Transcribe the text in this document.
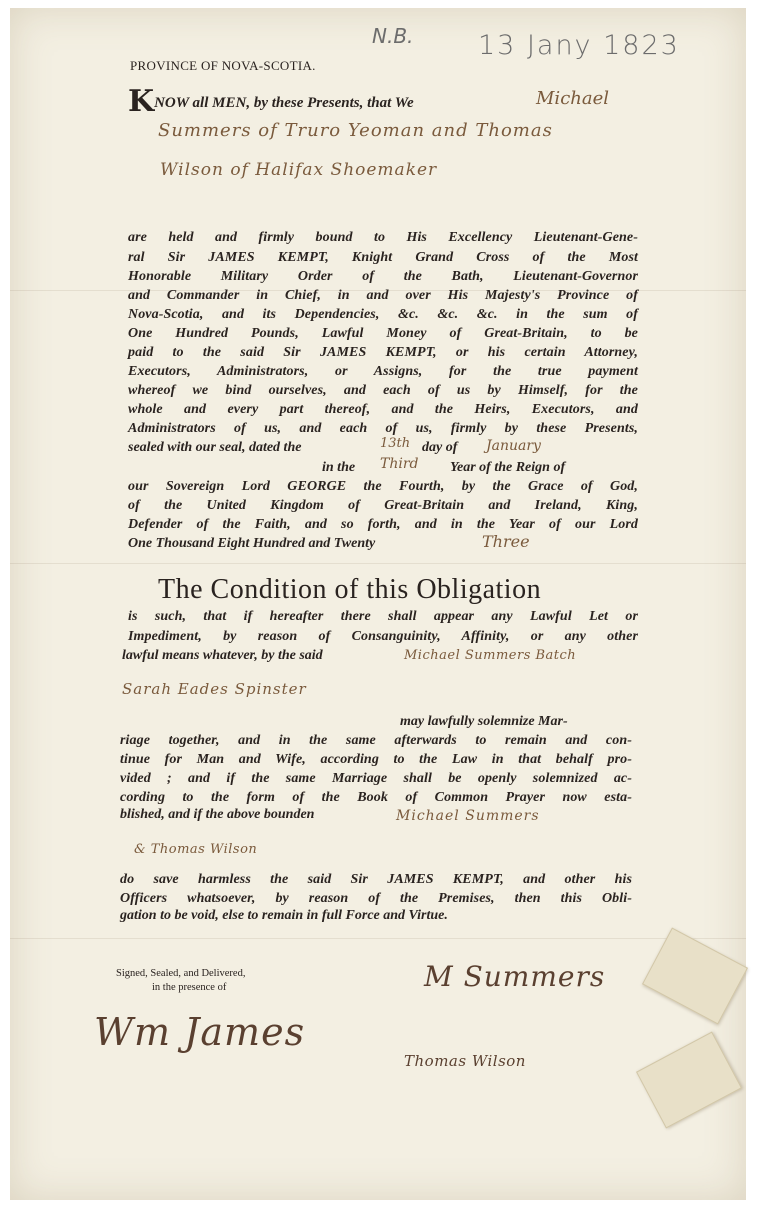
N.B. 13 Jany 1823
PROVINCE OF NOVA-SCOTIA.
KNOW all MEN, by these Presents, that We	Michael
Summers of Truro Yeoman and Thomas
Wilson of Halifax Shoemaker
are held and firmly bound to His Excellency Lieutenant-Gene-
ral Sir JAMES KEMPT, Knight Grand Cross of the Most
Honorable Military Order of the Bath, Lieutenant-Governor
and Commander in Chief, in and over His Majesty's Province of
Nova-Scotia, and its Dependencies, &c. &c. &c. in the sum of
One Hundred Pounds, Lawful Money of Great-Britain, to be
paid to the said Sir JAMES KEMPT, or his certain Attorney,
Executors, Administrators, or Assigns, for the true payment
whereof we bind ourselves, and each of us by Himself, for the
whole and every part thereof, and the Heirs, Executors, and
Administrators of us, and each of us, firmly by these Presents,
sealed with our seal, dated the	13th day of January
in the Third Year of the Reign of
our Sovereign Lord GEORGE the Fourth, by the Grace of God,
of the United Kingdom of Great-Britain and Ireland, King,
Defender of the Faith, and so forth, and in the Year of our Lord
One Thousand Eight Hundred and Twenty	Three
The Condition of this Obligation
is such, that if hereafter there shall appear any Lawful Let or
Impediment, by reason of Consanguinity, Affinity, or any other
lawful means whatever, by the said	Michael Summers Batch
Sarah Eades Spinster
may lawfully solemnize Mar-
riage together, and in the same afterwards to remain and con-
tinue for Man and Wife, according to the Law in that behalf pro-
vided ; and if the same Marriage shall be openly solemnized ac-
cording to the form of the Book of Common Prayer now esta-
blished, and if the above bounden	Michael Summers
& Thomas Wilson
do save harmless the said Sir JAMES KEMPT, and other his
Officers whatsoever, by reason of the Premises, then this Obli-
gation to be void, else to remain in full Force and Virtue.
Signed, Sealed, and Delivered,
in the presence of
Wm James
M Summers
Thomas Wilson
